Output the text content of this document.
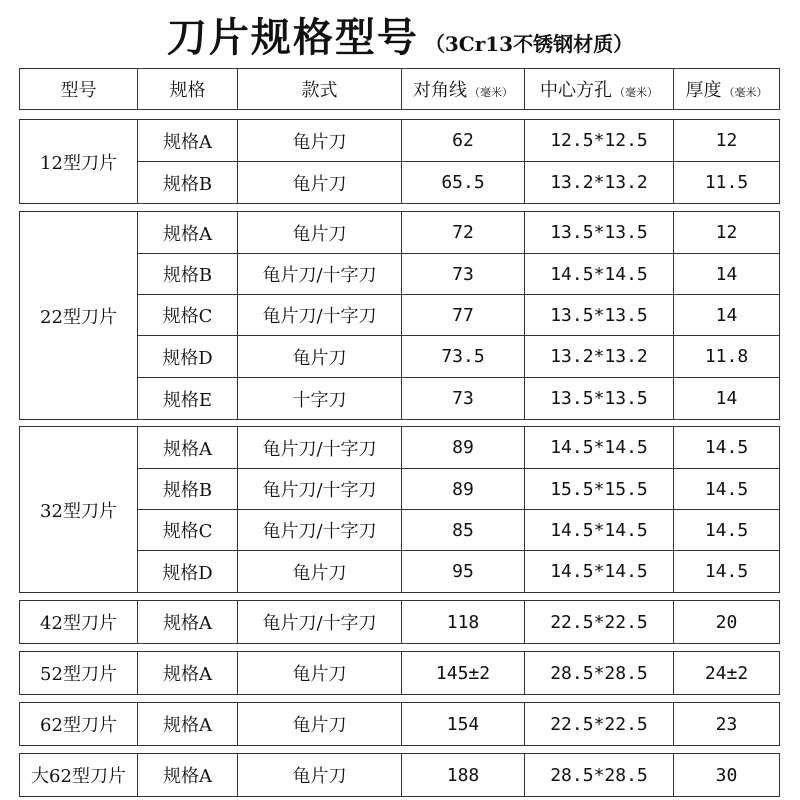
刀片规格型号 （3Cr13不锈钢材质）
型号	规格	款式	对角线 （毫米）	中心方孔 （毫米）	厚度 （毫米）
12型刀片	规格A	龟片刀	62	12.5*12.5	12
	规格B	龟片刀	65.5	13.2*13.2	11.5
22型刀片	规格A	龟片刀	72	13.5*13.5	12
	规格B	龟片刀/十字刀	73	14.5*14.5	14
	规格C	龟片刀/十字刀	77	13.5*13.5	14
	规格D	龟片刀	73.5	13.2*13.2	11.8
	规格E	十字刀	73	13.5*13.5	14
32型刀片	规格A	龟片刀/十字刀	89	14.5*14.5	14.5
	规格B	龟片刀/十字刀	89	15.5*15.5	14.5
	规格C	龟片刀/十字刀	85	14.5*14.5	14.5
	规格D	龟片刀	95	14.5*14.5	14.5
42型刀片	规格A	龟片刀/十字刀	118	22.5*22.5	20
52型刀片	规格A	龟片刀	145±2	28.5*28.5	24±2
62型刀片	规格A	龟片刀	154	22.5*22.5	23
大62型刀片	规格A	龟片刀	188	28.5*28.5	30
